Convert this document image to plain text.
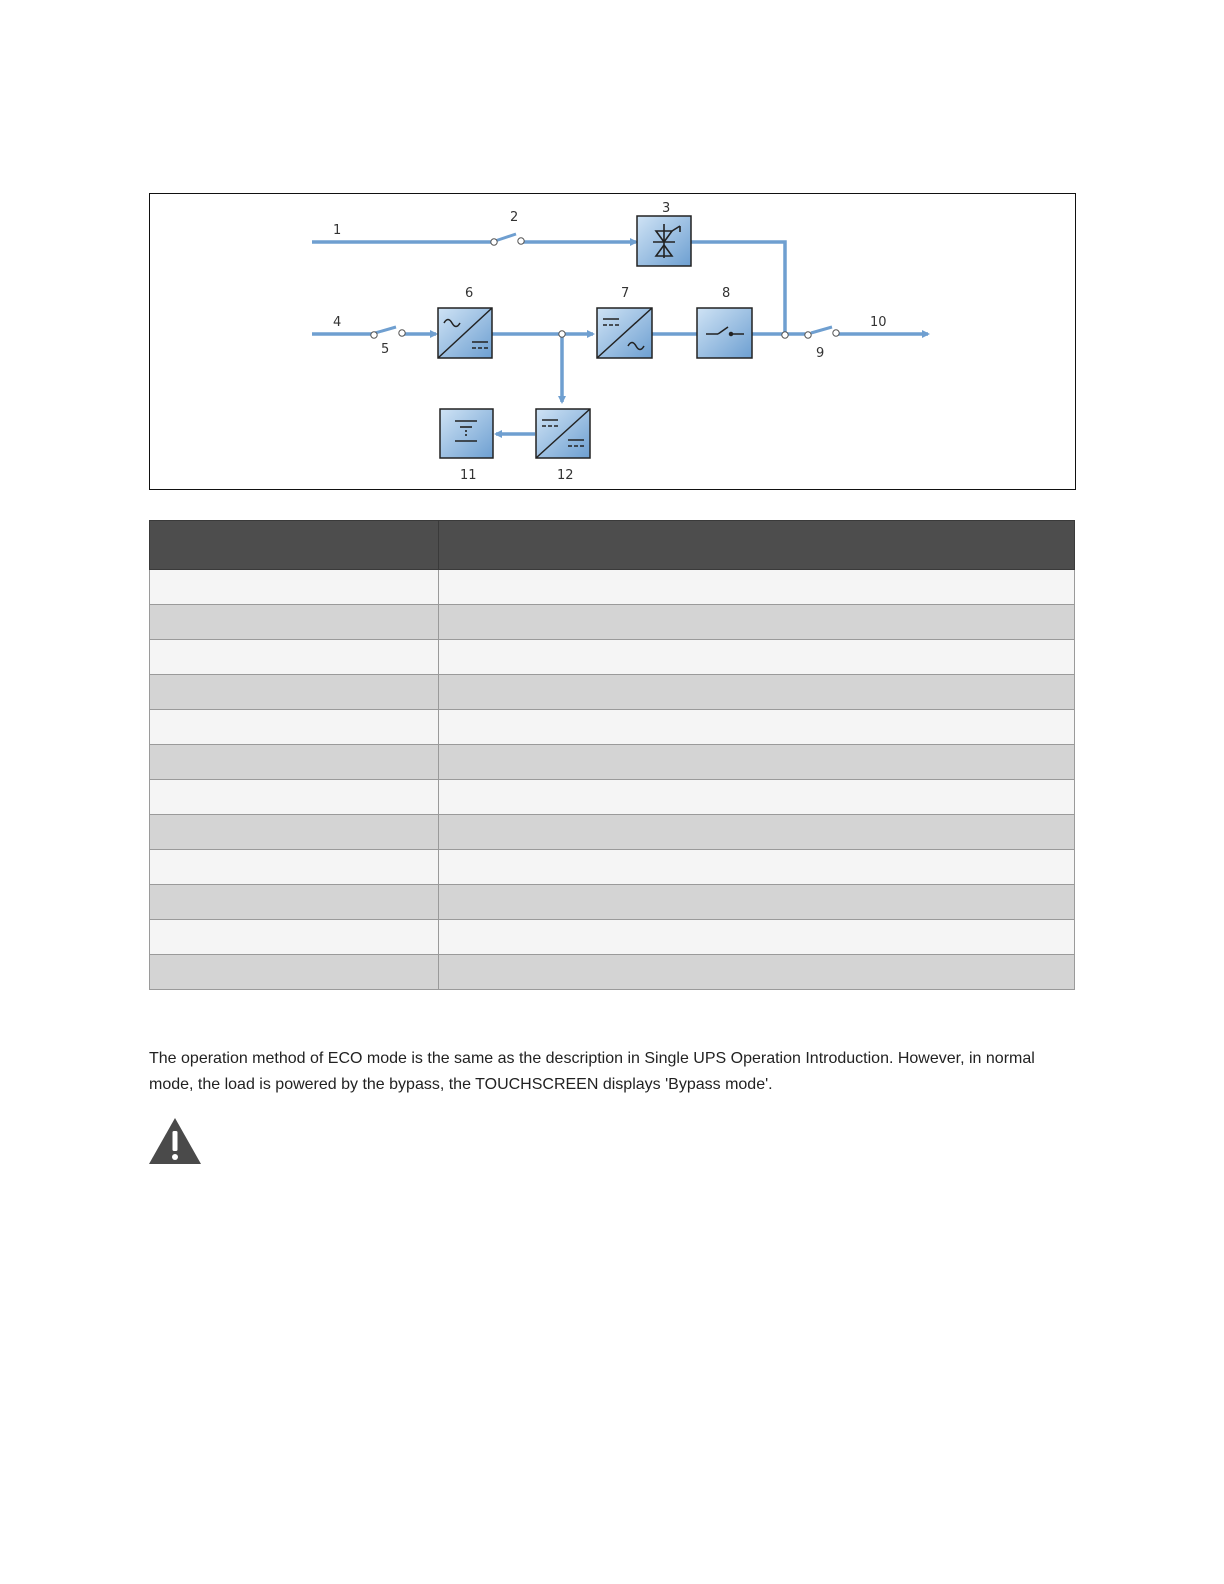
1
2
3
4
5
6	7	8
9
10
11	12

The operation method of ECO mode is the same as the description in Single UPS Operation Introduction. However, in normal mode, the load is powered by the bypass, the TOUCHSCREEN displays 'Bypass mode'.
